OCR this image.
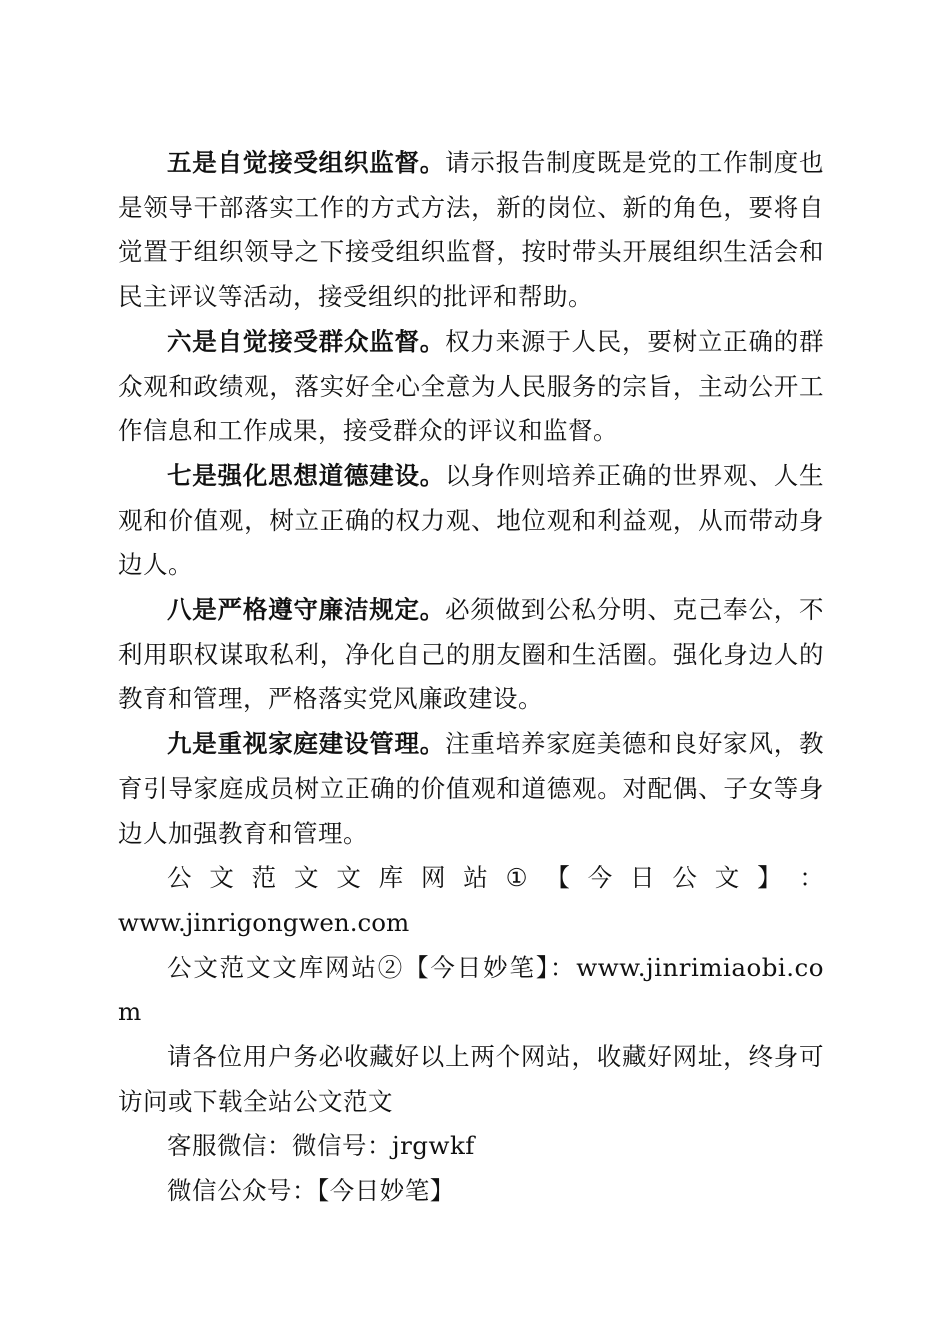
五是自觉接受组织监督。请示报告制度既是党的工作制度也是领导干部落实工作的方式方法，新的岗位、新的角色，要将自觉置于组织领导之下接受组织监督，按时带头开展组织生活会和民主评议等活动，接受组织的批评和帮助。

六是自觉接受群众监督。权力来源于人民，要树立正确的群众观和政绩观，落实好全心全意为人民服务的宗旨，主动公开工作信息和工作成果，接受群众的评议和监督。

七是强化思想道德建设。以身作则培养正确的世界观、人生观和价值观，树立正确的权力观、地位观和利益观，从而带动身边人。

八是严格遵守廉洁规定。必须做到公私分明、克己奉公，不利用职权谋取私利，净化自己的朋友圈和生活圈。强化身边人的教育和管理，严格落实党风廉政建设。

九是重视家庭建设管理。注重培养家庭美德和良好家风，教育引导家庭成员树立正确的价值观和道德观。对配偶、子女等身边人加强教育和管理。

公 文 范 文 文 库 网 站 ① 【 今 日 公 文 】 ：

www.jinrigongwen.com

公文范文文库网站②【今日妙笔】：www.jinrimiaobi.com

请各位用户务必收藏好以上两个网站，收藏好网址，终身可访问或下载全站公文范文

客服微信：微信号：jrgwkf

微信公众号：【今日妙笔】
